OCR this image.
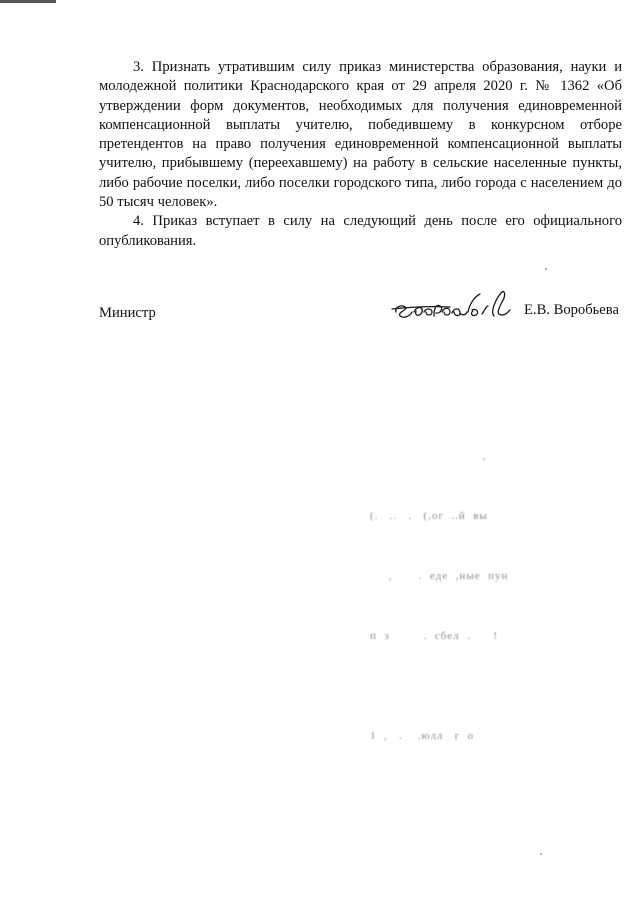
3. Признать утратившим силу приказ министерства образования, науки и молодежной политики Краснодарского края от 29 апреля 2020 г. № 1362 «Об утверждении форм документов, необходимых для получения единовременной компенсационной выплаты учителю, победившему в конкурсном отборе претендентов на право получения единовременной компенсационной выплаты учителю, прибывшему (переехавшему) на работу в сельские населенные пункты, либо рабочие поселки, либо поселки городского типа, либо города с населением до 50 тысяч человек».

4. Приказ вступает в силу на следующий день после его официального опубликования.

Министр	Е.В. Воробьева

,

(.   ..   .   (.ог  ..й  вы

,       .  еде  ,ные  пун

п  з         .  сбел  .      !

1  ,   .    .юлл   г  о
